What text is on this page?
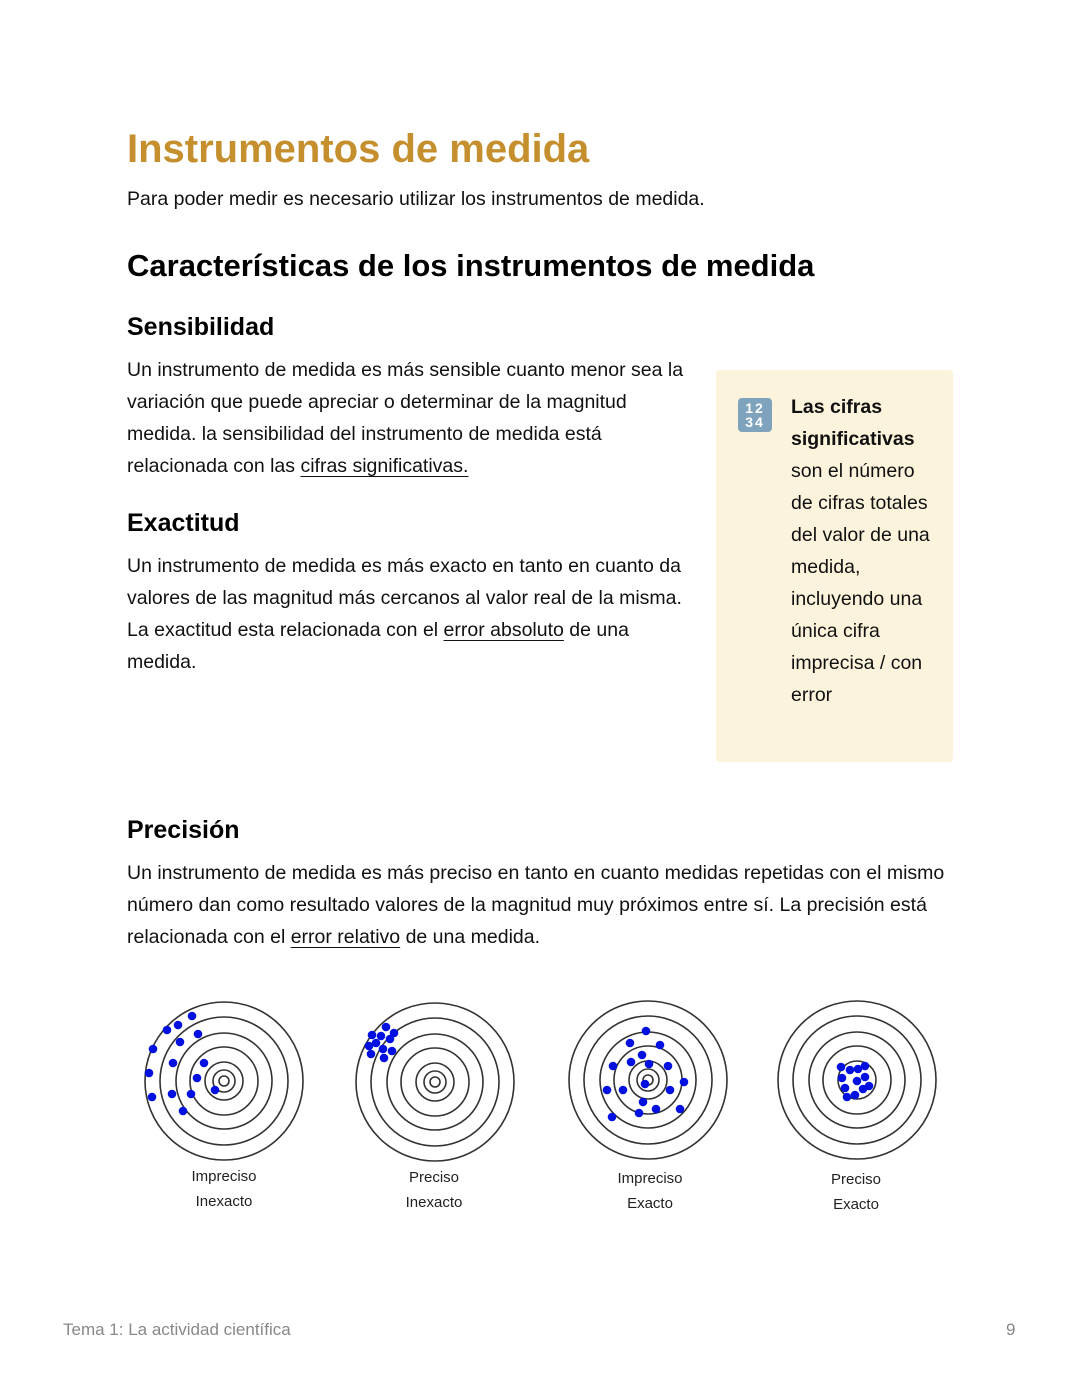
Instrumentos de medida
Para poder medir es necesario utilizar los instrumentos de medida.
Características de los instrumentos de medida
Sensibilidad

Un instrumento de medida es más sensible cuanto menor sea la variación que puede apreciar o determinar de la magnitud medida. la sensibilidad del instrumento de medida está relacionada con las cifras significativas.

Exactitud

Un instrumento de medida es más exacto en tanto en cuanto da valores de las magnitud más cercanos al valor real de la misma. La exactitud esta relacionada con el error absoluto de una medida.

12 34
Las cifras significativas son el número de cifras totales del valor de una medida, incluyendo una única cifra imprecisa / con error
Precisión

Un instrumento de medida es más preciso en tanto en cuanto medidas repetidas con el mismo número dan como resultado valores de la magnitud muy próximos entre sí. La precisión está relacionada con el error relativo de una medida.

Impreciso
Inexacto
Preciso
Inexacto
Impreciso
Exacto
Preciso
Exacto
Tema 1: La actividad científica	9
